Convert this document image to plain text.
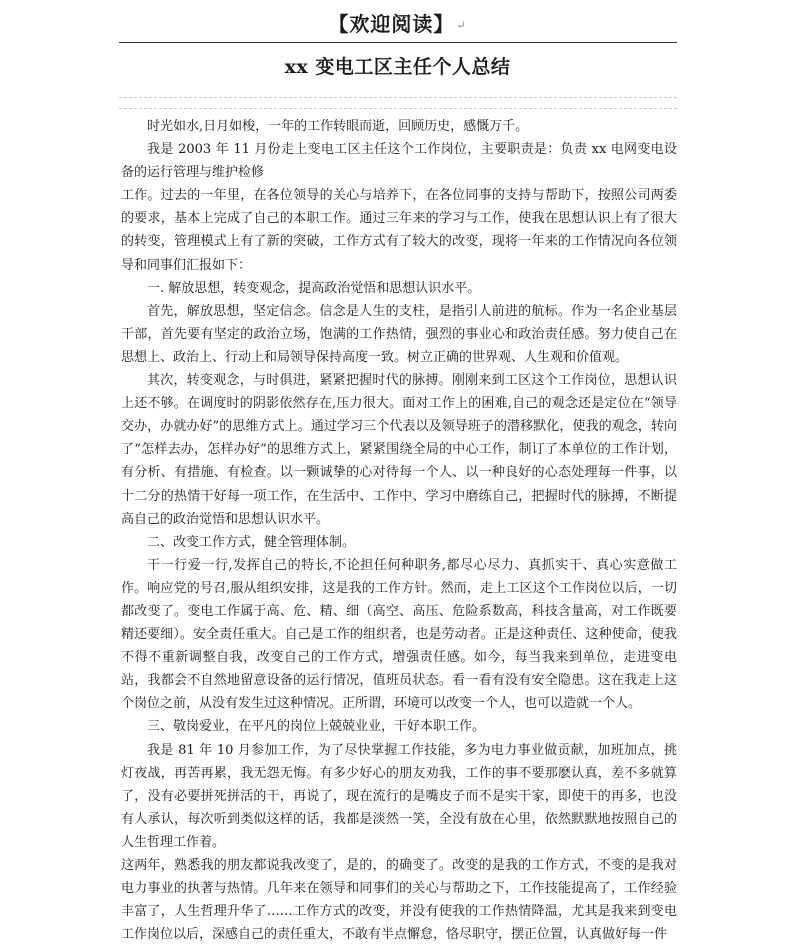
【欢迎阅读】 ↵
xx 变电工区主任个人总结

时光如水,日月如梭，一年的工作转眼而逝，回顾历史，感慨万千。

我是 2003 年 11 月份走上变电工区主任这个工作岗位，主要职责是：负责 xx 电网变电设备的运行管理与维护检修

工作。过去的一年里，在各位领导的关心与培养下，在各位同事的支持与帮助下，按照公司两委的要求，基本上完成了自己的本职工作。通过三年来的学习与工作，使我在思想认识上有了很大的转变，管理模式上有了新的突破，工作方式有了较大的改变，现将一年来的工作情况向各位领导和同事们汇报如下：

一. 解放思想，转变观念，提高政治觉悟和思想认识水平。

首先，解放思想，坚定信念。信念是人生的支柱，是指引人前进的航标。作为一名企业基层干部，首先要有坚定的政治立场，饱满的工作热情，强烈的事业心和政治责任感。努力使自己在思想上、政治上、行动上和局领导保持高度一致。树立正确的世界观、人生观和价值观。

其次，转变观念，与时俱进，紧紧把握时代的脉搏。刚刚来到工区这个工作岗位，思想认识上还不够。在调度时的阴影依然存在,压力很大。面对工作上的困难,自己的观念还是定位在“领导交办，办就办好”的思维方式上。通过学习三个代表以及领导班子的潜移默化，使我的观念，转向了“怎样去办，怎样办好”的思维方式上，紧紧围绕全局的中心工作，制订了本单位的工作计划，有分析、有措施、有检查。以一颗诚挚的心对待每一个人、以一种良好的心态处理每一件事，以十二分的热情干好每一项工作，在生活中、工作中、学习中磨练自己，把握时代的脉搏，不断提高自己的政治觉悟和思想认识水平。

二、改变工作方式，健全管理体制。

干一行爱一行,发挥自己的特长,不论担任何种职务,都尽心尽力、真抓实干、真心实意做工作。响应党的号召,服从组织安排，这是我的工作方针。然而，走上工区这个工作岗位以后，一切都改变了。变电工作属于高、危、精、细（高空、高压、危险系数高，科技含量高，对工作既要精还要细）。安全责任重大。自己是工作的组织者，也是劳动者。正是这种责任、这种使命，使我不得不重新调整自我，改变自己的工作方式，增强责任感。如今，每当我来到单位，走进变电站，我都会不自然地留意设备的运行情况，值班员状态。看一看有没有安全隐患。这在我走上这个岗位之前，从没有发生过这种情况。正所谓，环境可以改变一个人，也可以造就一个人。

三、敬岗爱业，在平凡的岗位上兢兢业业，干好本职工作。

我是 81 年 10 月参加工作，为了尽快掌握工作技能，多为电力事业做贡献，加班加点，挑灯夜战，再苦再累，我无怨无悔。有多少好心的朋友劝我，工作的事不要那麽认真，差不多就算了，没有必要拼死拼活的干，再说了，现在流行的是嘴皮子而不是实干家，即使干的再多，也没有人承认，每次听到类似这样的话，我都是淡然一笑，全没有放在心里，依然默默地按照自己的人生哲理工作着。

这两年，熟悉我的朋友都说我改变了，是的，的确变了。改变的是我的工作方式，不变的是我对电力事业的执著与热情。几年来在领导和同事们的关心与帮助之下，工作技能提高了，工作经验丰富了，人生哲理升华了……工作方式的改变，并没有使我的工作热情降温，尤其是我来到变电工作岗位以后，深感自己的责任重大，不敢有半点懈怠，恪尽职守，摆正位置，认真做好每一件
